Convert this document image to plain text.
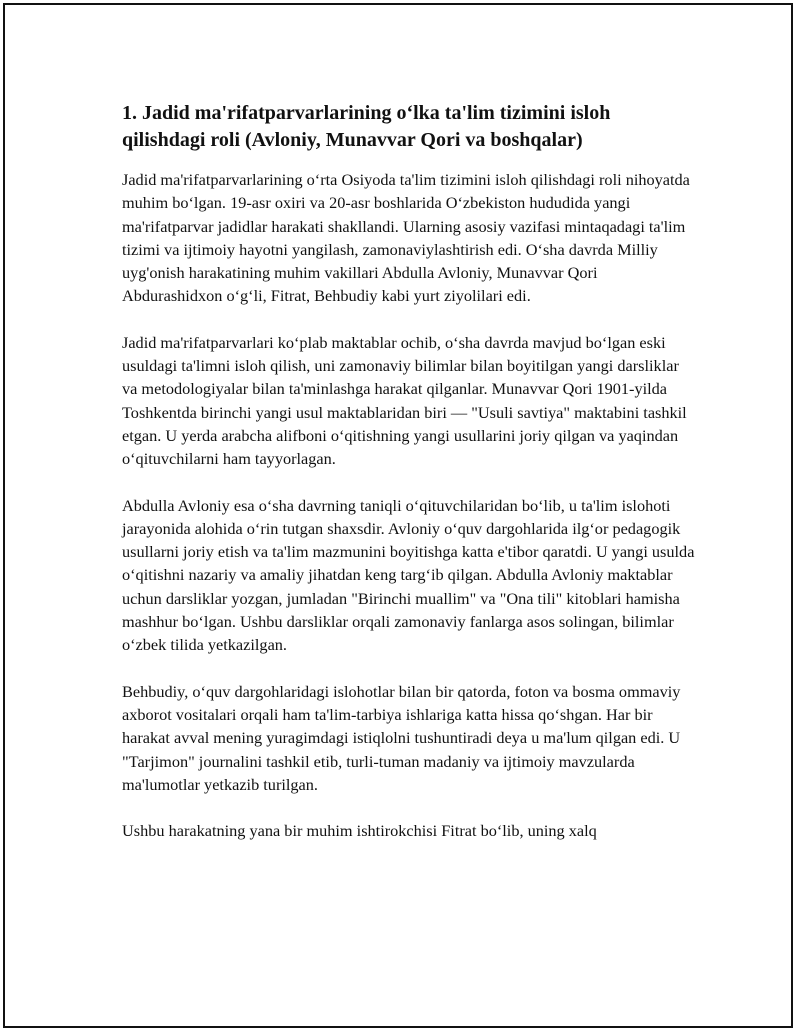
1. Jadid ma'rifatparvarlarining o‘lka ta'lim tizimini isloh qilishdagi roli (Avloniy, Munavvar Qori va boshqalar)

Jadid ma'rifatparvarlarining o‘rta Osiyoda ta'lim tizimini isloh qilishdagi roli nihoyatda muhim bo‘lgan. 19-asr oxiri va 20-asr boshlarida O‘zbekiston hududida yangi ma'rifatparvar jadidlar harakati shakllandi. Ularning asosiy vazifasi mintaqadagi ta'lim tizimi va ijtimoiy hayotni yangilash, zamonaviylashtirish edi. O‘sha davrda Milliy uyg'onish harakatining muhim vakillari Abdulla Avloniy, Munavvar Qori Abdurashidxon o‘g‘li, Fitrat, Behbudiy kabi yurt ziyolilari edi.

Jadid ma'rifatparvarlari ko‘plab maktablar ochib, o‘sha davrda mavjud bo‘lgan eski usuldagi ta'limni isloh qilish, uni zamonaviy bilimlar bilan boyitilgan yangi darsliklar va metodologiyalar bilan ta'minlashga harakat qilganlar. Munavvar Qori 1901-yilda Toshkentda birinchi yangi usul maktablaridan biri — "Usuli savtiya" maktabini tashkil etgan. U yerda arabcha alifboni o‘qitishning yangi usullarini joriy qilgan va yaqindan o‘qituvchilarni ham tayyorlagan.

Abdulla Avloniy esa o‘sha davrning taniqli o‘qituvchilaridan bo‘lib, u ta'lim islohoti jarayonida alohida o‘rin tutgan shaxsdir. Avloniy o‘quv dargohlarida ilg‘or pedagogik usullarni joriy etish va ta'lim mazmunini boyitishga katta e'tibor qaratdi. U yangi usulda o‘qitishni nazariy va amaliy jihatdan keng targ‘ib qilgan. Abdulla Avloniy maktablar uchun darsliklar yozgan, jumladan "Birinchi muallim" va "Ona tili" kitoblari hamisha mashhur bo‘lgan. Ushbu darsliklar orqali zamonaviy fanlarga asos solingan, bilimlar o‘zbek tilida yetkazilgan.

Behbudiy, o‘quv dargohlaridagi islohotlar bilan bir qatorda, foton va bosma ommaviy axborot vositalari orqali ham ta'lim-tarbiya ishlariga katta hissa qo‘shgan. Har bir harakat avval mening yuragimdagi istiqlolni tushuntiradi deya u ma'lum qilgan edi. U "Tarjimon" journalini tashkil etib, turli-tuman madaniy va ijtimoiy mavzularda ma'lumotlar yetkazib turilgan.

Ushbu harakatning yana bir muhim ishtirokchisi Fitrat bo‘lib, uning xalq
